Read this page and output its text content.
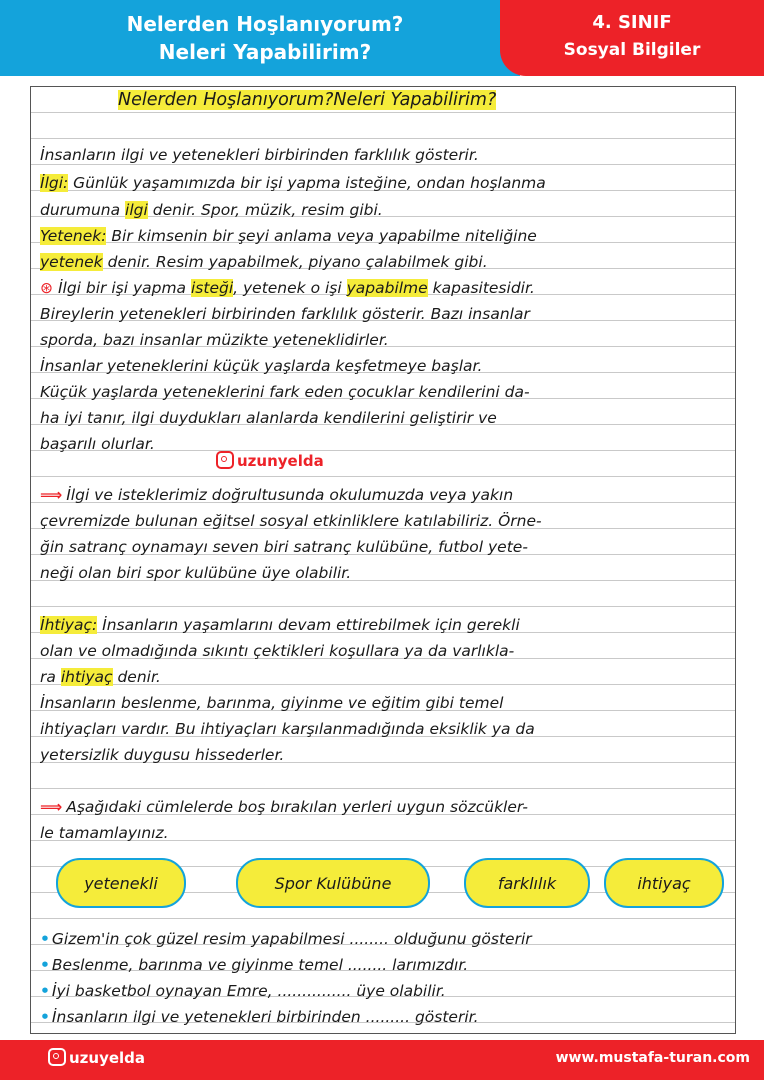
Nelerden Hoşlanıyorum?
Neleri Yapabilirim?
4. SINIF
Sosyal Bilgiler
Nelerden Hoşlanıyorum?Neleri Yapabilirim?
İnsanların ilgi ve yetenekleri birbirinden farklılık gösterir.
İlgi: Günlük yaşamımızda bir işi yapma isteğine, ondan hoşlanma
durumuna ilgi denir. Spor, müzik, resim gibi.
Yetenek: Bir kimsenin bir şeyi anlama veya yapabilme niteliğine
yetenek denir. Resim yapabilmek, piyano çalabilmek gibi.
⊛ İlgi bir işi yapma isteği, yetenek o işi yapabilme kapasitesidir.
Bireylerin yetenekleri birbirinden farklılık gösterir. Bazı insanlar
sporda, bazı insanlar müzikte yeteneklidirler.
İnsanlar yeteneklerini küçük yaşlarda keşfetmeye başlar.
Küçük yaşlarda yeteneklerini fark eden çocuklar kendilerini da-
ha iyi tanır, ilgi duydukları alanlarda kendilerini geliştirir ve
başarılı olurlar.
uzunyelda
⟹ İlgi ve isteklerimiz doğrultusunda okulumuzda veya yakın
çevremizde bulunan eğitsel sosyal etkinliklere katılabiliriz. Örne-
ğin satranç oynamayı seven biri satranç kulübüne, futbol yete-
neği olan biri spor kulübüne üye olabilir.
İhtiyaç: İnsanların yaşamlarını devam ettirebilmek için gerekli
olan ve olmadığında sıkıntı çektikleri koşullara ya da varlıkla-
ra ihtiyaç denir.
İnsanların beslenme, barınma, giyinme ve eğitim gibi temel
ihtiyaçları vardır. Bu ihtiyaçları karşılanmadığında eksiklik ya da
yetersizlik duygusu hissederler.
⟹ Aşağıdaki cümlelerde boş bırakılan yerleri uygun sözcükler-
le tamamlayınız.
yetenekli	Spor Kulübüne	farklılık	ihtiyaç
• Gizem'in çok güzel resim yapabilmesi ........ olduğunu gösterir
• Beslenme, barınma ve giyinme temel ........ larımızdır.
• İyi basketbol oynayan Emre, ............... üye olabilir.
• İnsanların ilgi ve yetenekleri birbirinden ......... gösterir.
uzuyelda	www.mustafa-turan.com
